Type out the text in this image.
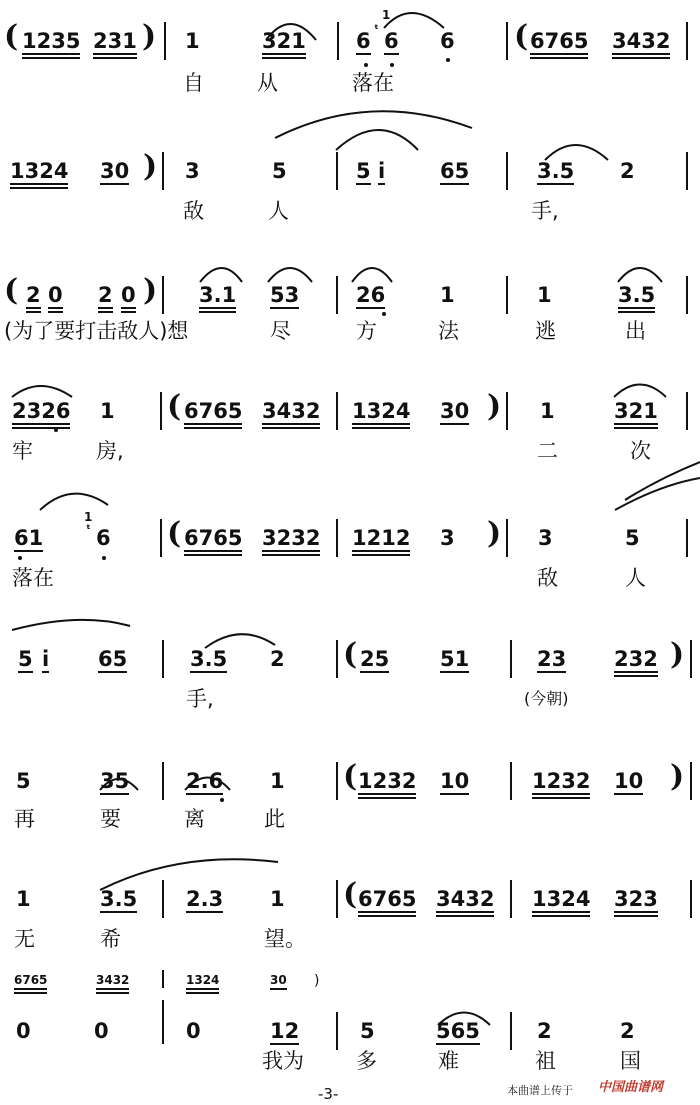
( 1235 231 ) 1	321
1
6 ᵗ 6 6 ( 6765 3432
自	从	落在
1324 30 ) 3	5	5 i	65	3.5 2
敌	人	手,
( 2 0 2 0 ) 3.1 53	26	1	1	3.5
(为了要打击敌人)想	尽	方	法	逃	出
2326 1 ( 6765 3432 1324 30 ) 1	321
牢	房,	二	次
61
1
ᵗ 6 ( 6765 3232 1212 3 ) 3	5
落在	敌	人
5 i 65	3.5 2 ( 25 51	23 232 )
手,	(今朝)
5	35	2.6 1 ( 1232 10	1232 10 )
再	要	离	此
1	3.5 2.3 1 ( 6765 3432 1324 323
无	希	望。
6765	3432	1324	30 )
0	0	0	12	5	565	2	2
我为 多	难	祖	国
-3-	本曲谱上传于 中国曲谱网
